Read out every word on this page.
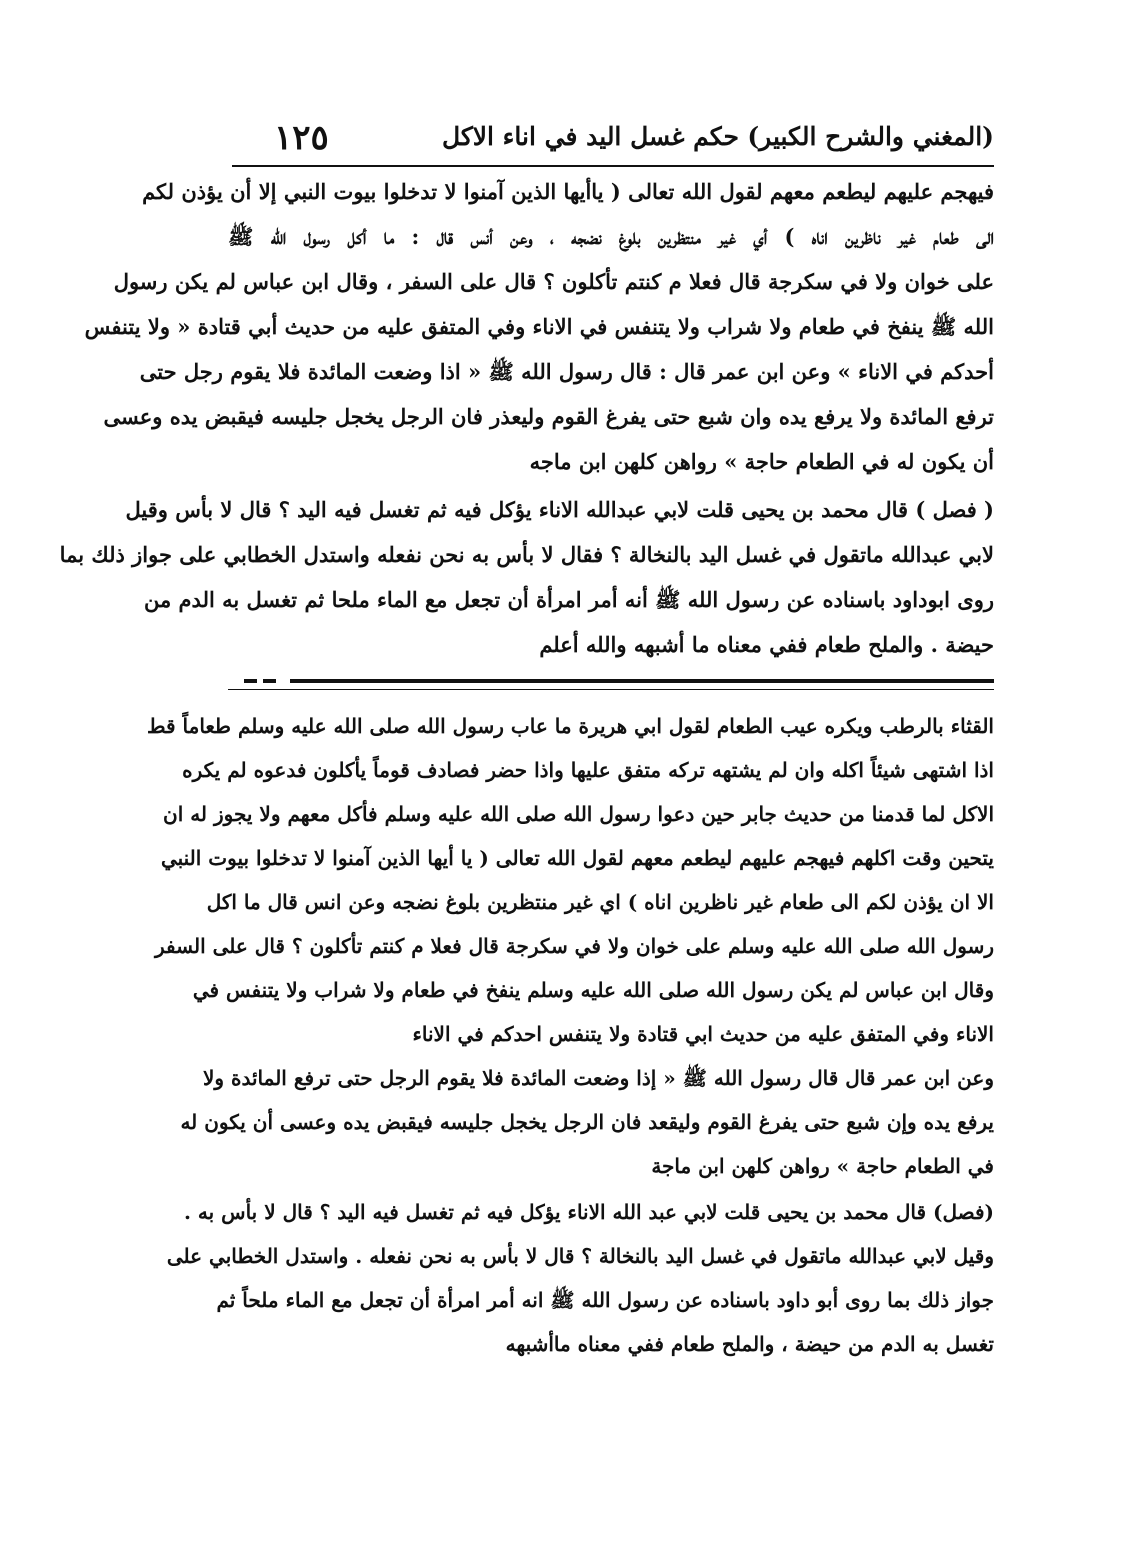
(المغني والشرح الكبير)
حكم غسل اليد في اناء الاكل
١٢٥
فيهجم عليهم ليطعم معهم لقول الله تعالى ( ياأيها الذين آمنوا لا تدخلوا بيوت النبي إلا أن يؤذن لكم
الى طعام غير ناظرين اناه ) أي غير منتظرين بلوغ نضجه ، وعن أنس قال : ما أكل رسول الله ﷺ
على خوان ولا في سكرجة قال فعلا م كنتم تأكلون ؟ قال على السفر ، وقال ابن عباس لم يكن رسول
الله ﷺ ينفخ في طعام ولا شراب ولا يتنفس في الاناء وفي المتفق عليه من حديث أبي قتادة « ولا يتنفس
أحدكم في الاناء » وعن ابن عمر قال : قال رسول الله ﷺ « اذا وضعت المائدة فلا يقوم رجل حتى
ترفع المائدة ولا يرفع يده وان شبع حتى يفرغ القوم وليعذر فان الرجل يخجل جليسه فيقبض يده وعسى
أن يكون له في الطعام حاجة » رواهن كلهن ابن ماجه
( فصل ) قال محمد بن يحيى قلت لابي عبدالله الاناء يؤكل فيه ثم تغسل فيه اليد ؟ قال لا بأس وقيل
لابي عبدالله ماتقول في غسل اليد بالنخالة ؟ فقال لا بأس به نحن نفعله واستدل الخطابي على جواز ذلك بما
روى ابوداود باسناده عن رسول الله ﷺ أنه أمر امرأة أن تجعل مع الماء ملحا ثم تغسل به الدم من
حيضة . والملح طعام ففي معناه ما أشبهه والله أعلم
القثاء بالرطب ويكره عيب الطعام لقول ابي هريرة ما عاب رسول الله صلى الله عليه وسلم طعاماً قط
اذا اشتهى شيئاً اكله وان لم يشتهه تركه متفق عليها واذا حضر فصادف قوماً يأكلون فدعوه لم يكره
الاكل لما قدمنا من حديث جابر حين دعوا رسول الله صلى الله عليه وسلم فأكل معهم ولا يجوز له ان
يتحين وقت اكلهم فيهجم عليهم ليطعم معهم لقول الله تعالى ( يا أيها الذين آمنوا لا تدخلوا بيوت النبي
الا ان يؤذن لكم الى طعام غير ناظرين اناه ) اي غير منتظرين بلوغ نضجه وعن انس قال ما اكل
رسول الله صلى الله عليه وسلم على خوان ولا في سكرجة قال فعلا م كنتم تأكلون ؟ قال على السفر
وقال ابن عباس لم يكن رسول الله صلى الله عليه وسلم ينفخ في طعام ولا شراب ولا يتنفس في
الاناء وفي المتفق عليه من حديث ابي قتادة ولا يتنفس احدكم في الاناء
وعن ابن عمر قال قال رسول الله ﷺ « إذا وضعت المائدة فلا يقوم الرجل حتى ترفع المائدة ولا
يرفع يده وإن شبع حتى يفرغ القوم وليقعد فان الرجل يخجل جليسه فيقبض يده وعسى أن يكون له
في الطعام حاجة » رواهن كلهن ابن ماجة
(فصل) قال محمد بن يحيى قلت لابي عبد الله الاناء يؤكل فيه ثم تغسل فيه اليد ؟ قال لا بأس به .
وقيل لابي عبدالله ماتقول في غسل اليد بالنخالة ؟ قال لا بأس به نحن نفعله . واستدل الخطابي على
جواز ذلك بما روى أبو داود باسناده عن رسول الله ﷺ انه أمر امرأة أن تجعل مع الماء ملحاً ثم
تغسل به الدم من حيضة ، والملح طعام ففي معناه ماأشبهه
